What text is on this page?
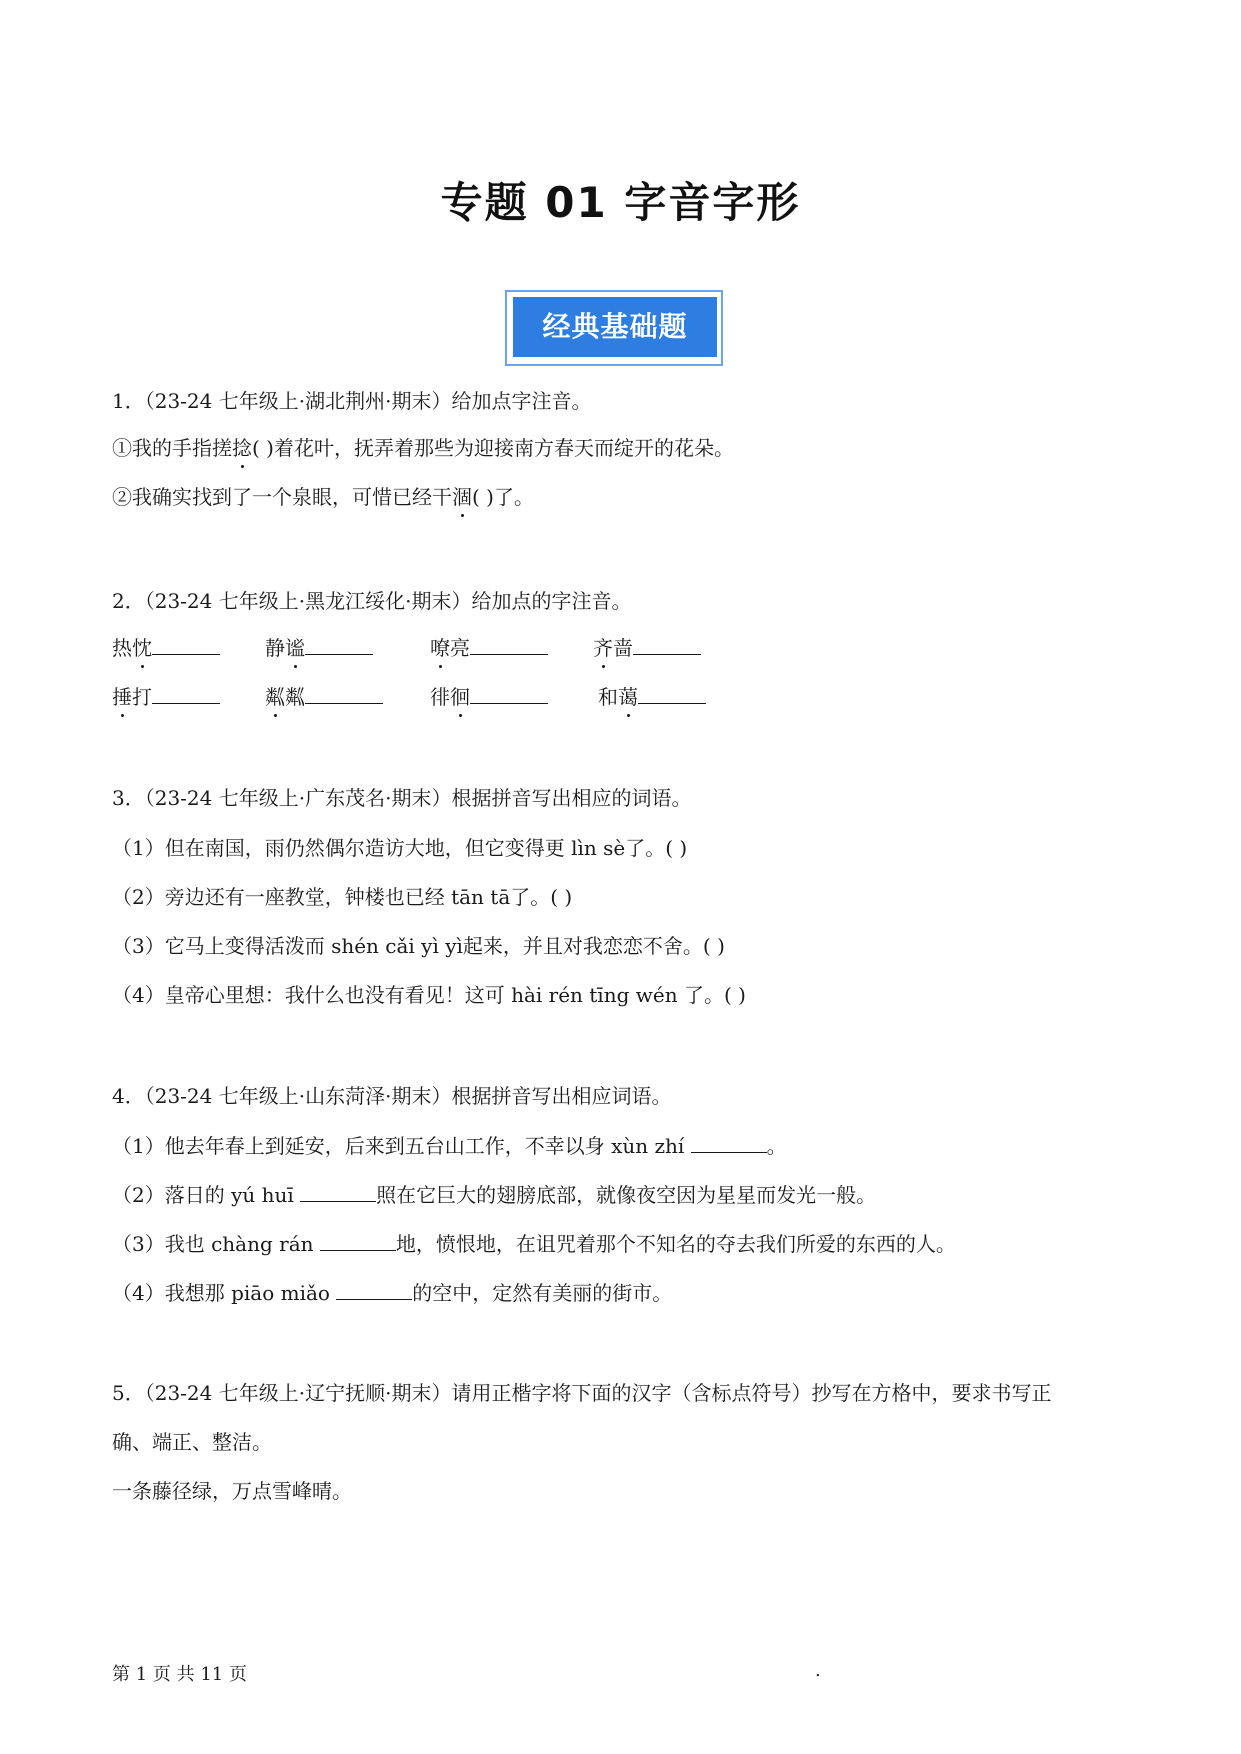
专题 01 字音字形
经典基础题
1．（23-24 七年级上·湖北荆州·期末）给加点字注音。
①我的手指搓捻( )着花叶，抚弄着那些为迎接南方春天而绽开的花朵。
②我确实找到了一个泉眼，可惜已经干涸( )了。
2．（23-24 七年级上·黑龙江绥化·期末）给加点的字注音。
热忱	静谧	嘹亮	齐啬
捶打	粼粼	徘徊	和蔼
3．（23-24 七年级上·广东茂名·期末）根据拼音写出相应的词语。
（1）但在南国，雨仍然偶尔造访大地，但它变得更 lìn sè了。( )
（2）旁边还有一座教堂，钟楼也已经 tān tā了。( )
（3）它马上变得活泼而 shén cǎi yì yì起来，并且对我恋恋不舍。( )
（4）皇帝心里想：我什么也没有看见！这可 hài rén tīng wén 了。( )
4．（23-24 七年级上·山东菏泽·期末）根据拼音写出相应词语。
（1）他去年春上到延安，后来到五台山工作，不幸以身 xùn zhí	。
（2）落日的 yú huī	照在它巨大的翅膀底部，就像夜空因为星星而发光一般。
（3）我也 chàng rán	地，愤恨地，在诅咒着那个不知名的夺去我们所爱的东西的人。
（4）我想那 piāo miǎo	的空中，定然有美丽的街市。
5．（23-24 七年级上·辽宁抚顺·期末）请用正楷字将下面的汉字（含标点符号）抄写在方格中，要求书写正
确、端正、整洁。
一条藤径绿，万点雪峰晴。
第 1 页 共 11 页	.
